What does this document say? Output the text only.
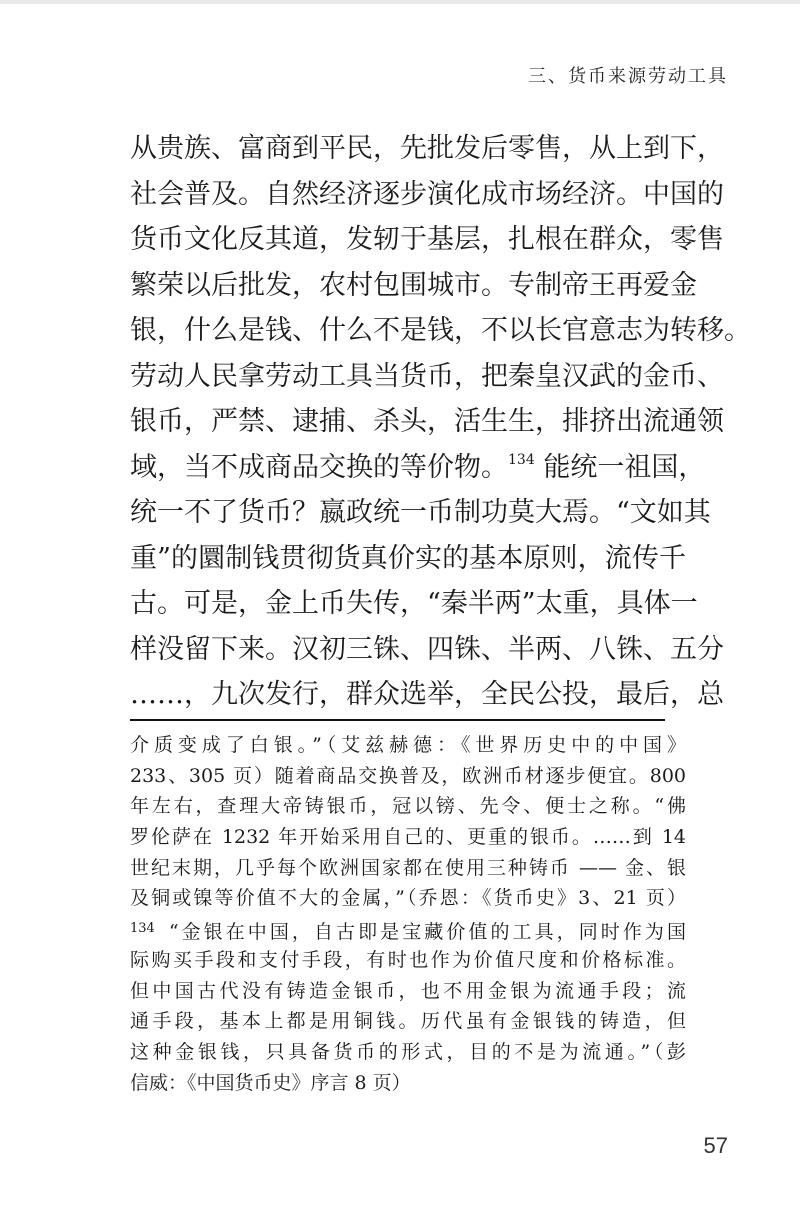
三、货币来源劳动工具
从贵族、富商到平民，先批发后零售，从上到下，
社会普及。自然经济逐步演化成市场经济。中国的
货币文化反其道，发轫于基层，扎根在群众，零售
繁荣以后批发，农村包围城市。专制帝王再爱金
银，什么是钱、什么不是钱，不以长官意志为转移。
劳动人民拿劳动工具当货币，把秦皇汉武的金币、
银币，严禁、逮捕、杀头，活生生，排挤出流通领
域，当不成商品交换的等价物。$^{134}$ 能统一祖国，
统一不了货币？嬴政统一币制功莫大焉。“文如其
重”的圜制钱贯彻货真价实的基本原则，流传千
古。可是，金上币失传，“秦半两”太重，具体一
样没留下来。汉初三铢、四铢、半两、八铢、五分
……，九次发行，群众选举，全民公投，最后，总
介质变成了白银。”（艾兹赫德：《世界历史中的中国》
233、305 页）随着商品交换普及，欧洲币材逐步便宜。800
年左右，查理大帝铸银币，冠以镑、先令、便士之称。“佛
罗伦萨在 1232 年开始采用自己的、更重的银币。……到 14
世纪末期，几乎每个欧洲国家都在使用三种铸币 —— 金、银
及铜或镍等价值不大的金属，”（乔恩：《货币史》3、21 页）
$^{134}$ “金银在中国，自古即是宝藏价值的工具，同时作为国
际购买手段和支付手段，有时也作为价值尺度和价格标准。
但中国古代没有铸造金银币，也不用金银为流通手段；流
通手段，基本上都是用铜钱。历代虽有金银钱的铸造，但
这种金银钱，只具备货币的形式，目的不是为流通。”（彭
信威：《中国货币史》序言 8 页）
57
